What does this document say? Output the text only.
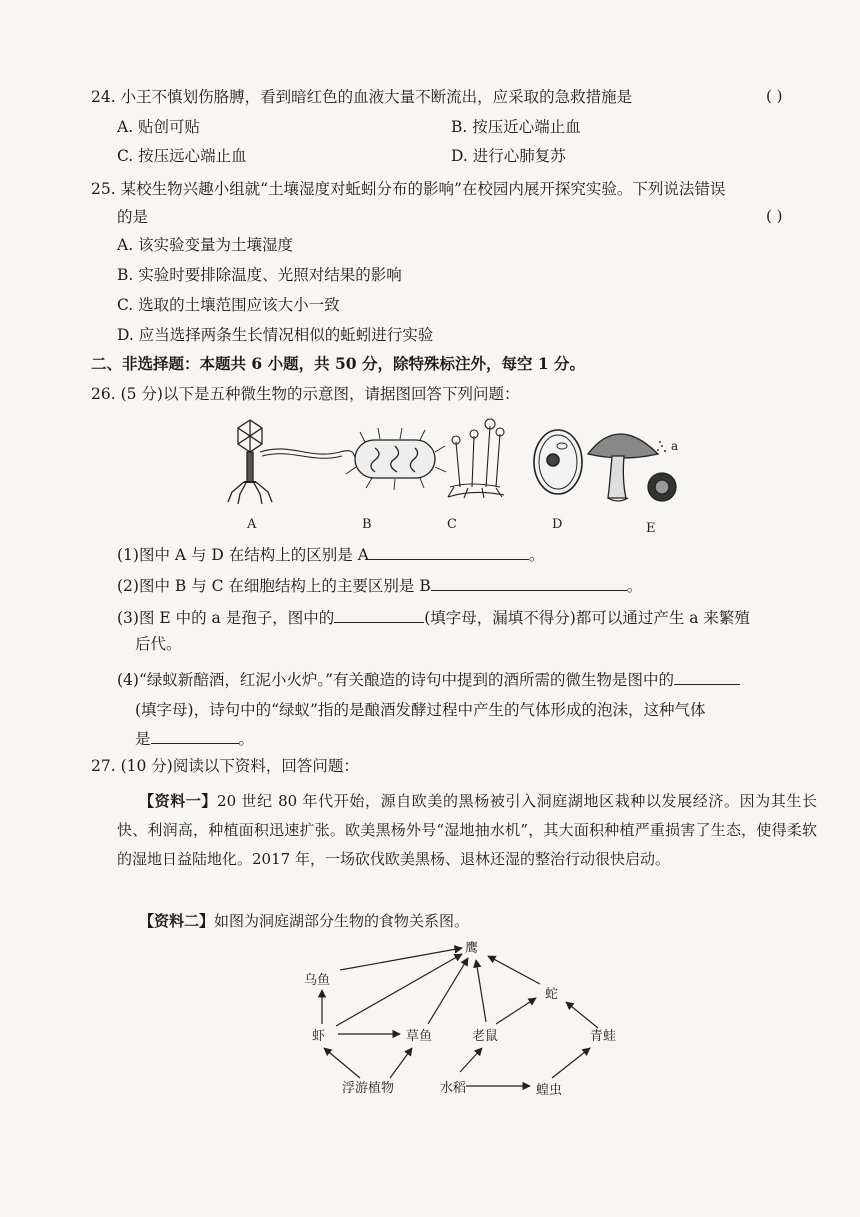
24. 小王不慎划伤胳膊，看到暗红色的血液大量不断流出，应采取的急救措施是	( )
A. 贴创可贴	B. 按压近心端止血
C. 按压远心端止血	D. 进行心肺复苏
25. 某校生物兴趣小组就“土壤湿度对蚯蚓分布的影响”在校园内展开探究实验。下列说法错误
的是	( )
A. 该实验变量为土壤湿度
B. 实验时要排除温度、光照对结果的影响
C. 选取的土壤范围应该大小一致
D. 应当选择两条生长情况相似的蚯蚓进行实验
二、非选择题：本题共 6 小题，共 50 分，除特殊标注外，每空 1 分。
26. (5 分)以下是五种微生物的示意图，请据图回答下列问题：
a
A	B	C	D	E
(1)图中 A 与 D 在结构上的区别是 A	。
(2)图中 B 与 C 在细胞结构上的主要区别是 B	。
(3)图 E 中的 a 是孢子，图中的	(填字母，漏填不得分)都可以通过产生 a 来繁殖
后代。
(4)“绿蚁新醅酒，红泥小火炉。”有关酿造的诗句中提到的酒所需的微生物是图中的
(填字母)，诗句中的“绿蚁”指的是酿酒发酵过程中产生的气体形成的泡沫，这种气体
是	。
27. (10 分)阅读以下资料，回答问题：
【资料一】20 世纪 80 年代开始，源自欧美的黑杨被引入洞庭湖地区栽种以发展经济。因为其生长快、利润高，种植面积迅速扩张。欧美黑杨外号“湿地抽水机”，其大面积种植严重损害了生态，使得柔软的湿地日益陆地化。2017 年，一场砍伐欧美黑杨、退林还湿的整治行动很快启动。
【资料二】如图为洞庭湖部分生物的食物关系图。
鹰
乌鱼
蛇
虾	草鱼	老鼠	青蛙
浮游植物	水稻	蝗虫
